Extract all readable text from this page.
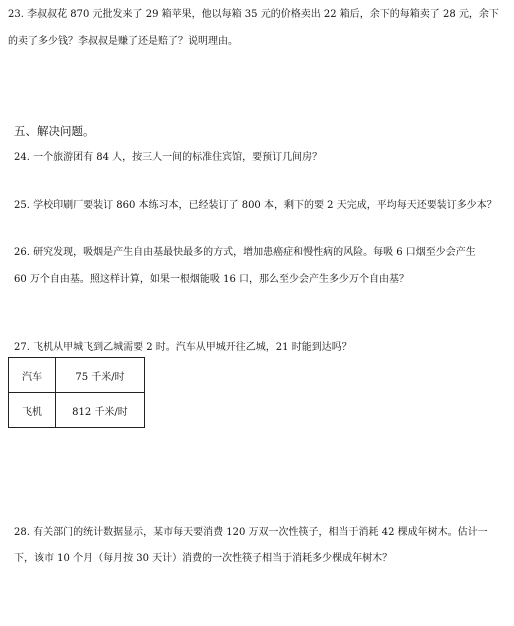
23. 李叔叔花 870 元批发来了 29 箱苹果，他以每箱 35 元的价格卖出 22 箱后，余下的每箱卖了 28 元，余下
的卖了多少钱？李叔叔是赚了还是赔了？说明理由。
五、解决问题。
24. 一个旅游团有 84 人，按三人一间的标准住宾馆，要预订几间房？
25. 学校印刷厂要装订 860 本练习本，已经装订了 800 本，剩下的要 2 天完成，平均每天还要装订多少本？
26. 研究发现，吸烟是产生自由基最快最多的方式，增加患癌症和慢性病的风险。每吸 6 口烟至少会产生
60 万个自由基。照这样计算，如果一根烟能吸 16 口，那么至少会产生多少万个自由基？
27. 飞机从甲城飞到乙城需要 2 时。汽车从甲城开往乙城，21 时能到达吗？
汽车	75 千米/时
飞机	812 千米/时
28. 有关部门的统计数据显示，某市每天要消费 120 万双一次性筷子，相当于消耗 42 棵成年树木。估计一
下，该市 10 个月（每月按 30 天计）消费的一次性筷子相当于消耗多少棵成年树木？
